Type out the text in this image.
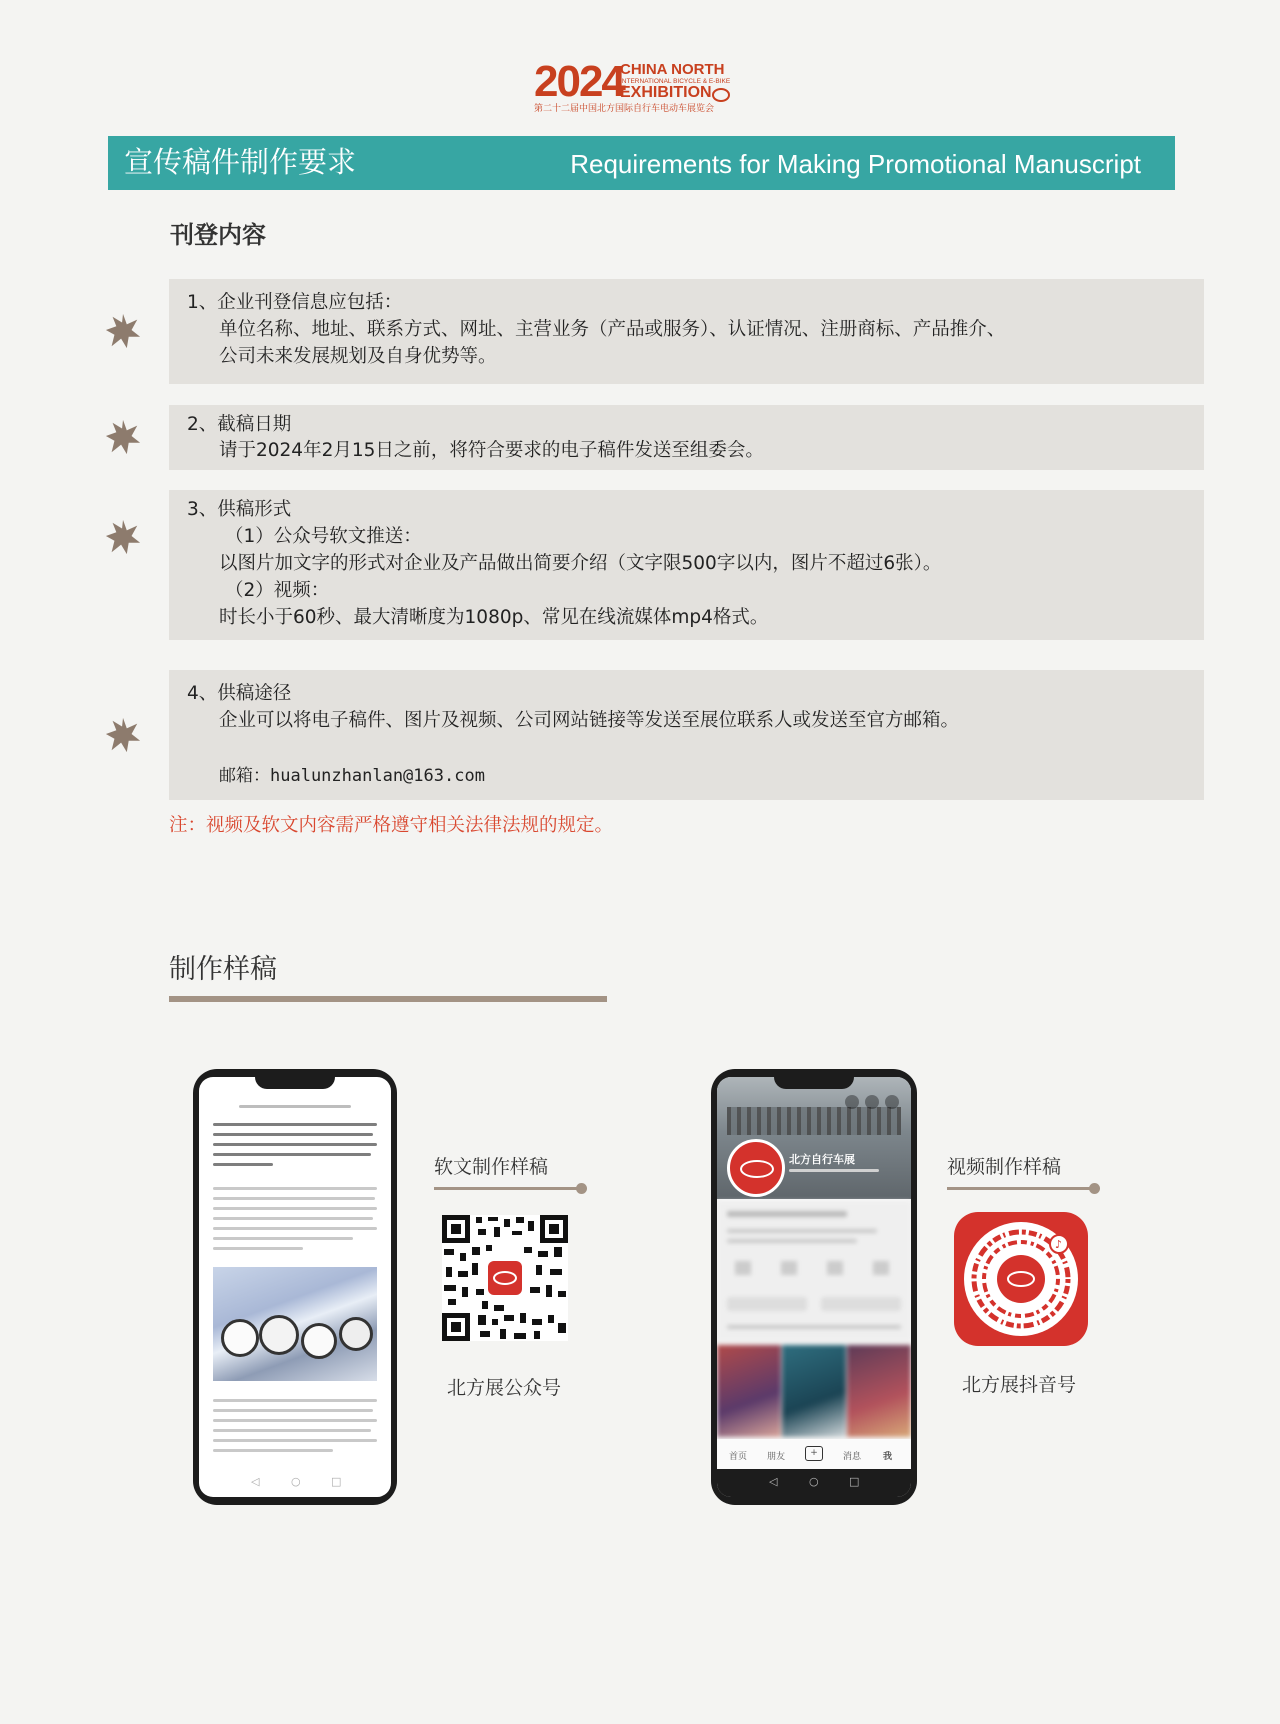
2024
CHINA NORTH
INTERNATIONAL BICYCLE & E-BIKE
EXHIBITION
第二十二届中国北方国际自行车电动车展览会
宣传稿件制作要求	Requirements for Making Promotional Manuscript
刊登内容
1、企业刊登信息应包括：
单位名称、地址、联系方式、网址、主营业务（产品或服务）、认证情况、注册商标、产品推介、
公司未来发展规划及自身优势等。
2、截稿日期
请于2024年2月15日之前，将符合要求的电子稿件发送至组委会。
3、供稿形式
（1）公众号软文推送：
以图片加文字的形式对企业及产品做出简要介绍（文字限500字以内，图片不超过6张）。
（2）视频：
时长小于60秒、最大清晰度为1080p、常见在线流媒体mp4格式。
4、供稿途径
企业可以将电子稿件、图片及视频、公司网站链接等发送至展位联系人或发送至官方邮箱。
邮箱：hualunzhanlan@163.com
注：视频及软文内容需严格遵守相关法律法规的规定。
制作样稿
◁	○	□
软文制作样稿
北方展公众号
北方自行车展
首页 朋友	+	消息 我
◁	○	□
视频制作样稿
♪
北方展抖音号
